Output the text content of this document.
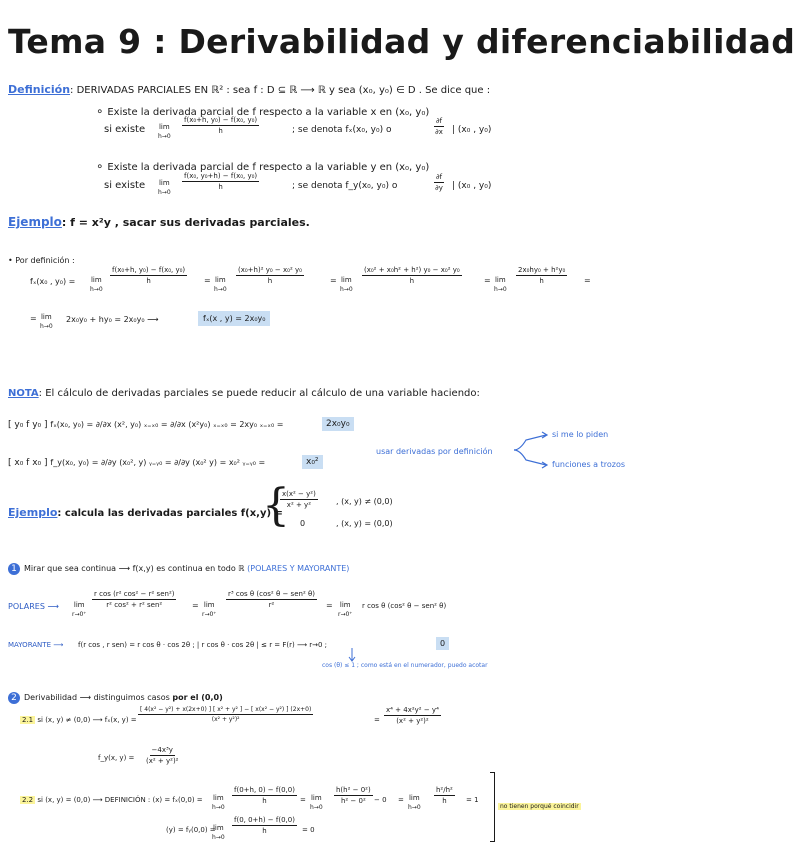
Tema 9 : Derivabilidad y diferenciabilidad
Definición: DERIVADAS PARCIALES EN ℝ² : sea f : D ⊆ ℝ ⟶ ℝ y sea (x₀, y₀) ∈ D . Se dice que :
∘ Existe la derivada parcial de f respecto a la variable x en (x₀, y₀)
si existe lim
h→0
$\frac{\text{f(x₀+h, y₀) − f(x₀, y₀)}}{h}$	; se denota fₓ(x₀, y₀) o	$\frac{\partial f}{\partial x}$ | (x₀ , y₀)
∘ Existe la derivada parcial de f respecto a la variable y en (x₀, y₀)
si existe lim
h→0
$\frac{\text{f(x₀, y₀+h) − f(x₀, y₀)}}{h}$	; se denota f_y(x₀, y₀) o	$\frac{\partial f}{\partial y}$ | (x₀ , y₀)
Ejemplo: f = x²y , sacar sus derivadas parciales.
• Por definición :
fₓ(x₀ , y₀) = lim
h→0
$\frac{\text{f(x₀+h, y₀) − f(x₀, y₀)}}{h} = \lim$
h→0
$\frac{\text{(x₀+h)² y₀ − x₀² y₀}}{h}$	= lim
h→0
$\frac{\text{(x₀² + x₀h² + h²) y₀ − x₀² y₀}}{h}$	= lim
h→0
$\frac{\text{2x₀hy₀ + h²y₀}}{h}$ =
= lim
h→0
2x₀y₀ + hy₀ = 2x₀y₀ ⟶	fₓ(x , y) = 2x₀y₀
NOTA: El cálculo de derivadas parciales se puede reducir al cálculo de una variable haciendo:
[ y₀ f y₀ ] fₓ(x₀, y₀) = ∂/∂x (x², y₀) ₓ₌ₓ₀ = ∂/∂x (x²y₀) ₓ₌ₓ₀ = 2xy₀ ₓ₌ₓ₀ =	2x₀y₀
[ x₀ f x₀ ] f_y(x₀, y₀) = ∂/∂y (x₀², y) ᵧ₌ᵧ₀ = ∂/∂y (x₀² y) = x₀² ᵧ₌ᵧ₀ =	x₀²
usar derivadas por definición
si me lo piden
funciones a trozos
Ejemplo: calcula las derivadas parciales f(x,y) =
{
$\frac{\text{x(x² − y²)}}{\text{x² + y²}}$ , (x, y) ≠ (0,0)
0	, (x, y) = (0,0)
1 Mirar que sea continua ⟶ f(x,y) es continua en todo ℝ (POLARES Y MAYORANTE)
POLARES ⟶ lim
r→0⁺
r cos (r² cos² − r² sen²)
r² cos² + r² sen²	= lim
r→0⁺
r³ cos θ (cos² θ − sen² θ)
r²	= lim
r→0⁺
r cos θ (cos² θ − sen² θ)
MAYORANTE ⟶ f(r cos , r sen) = r cos θ · cos 2θ ; | r cos θ · cos 2θ | ≤ r = F(r) ⟶ r→0 ;	0
cos (θ) ≤ 1 ; como está en el numerador, puedo acotar
2 Derivabilidad ⟶ distinguimos casos por el (0,0)
2.1 si (x, y) ≠ (0,0) ⟶ fₓ(x, $y) = \frac{\text{[ 4(x² − y²) + x(2x+0) ] [ x² + y² ] − [ x(x² − y²) ] (2x+0)}}{\text{(x² + y²)²}}$	= $\frac{\text{x⁴ + 4x²y² − y⁴}}{\text{(x² + y²)²}}$
f_y(x, $y) = \frac{\text{−4x³y}}{\text{(x² + y²)²}}$
2.2 si (x, y) = (0,0) ⟶ DEFINICIÓN : (x) = fₓ(0,0) = lim
h→0
$\frac{f(0+h, 0) - f(0,0)}{h} = \lim$
h→0
$\frac{\text{h(h² − 0²)}}{\text{h² − 0²}} - 0 = \lim$
h→0
$\frac{\text{h²/h²}}{h} = 1$
(y) = fᵧ(0,0) =
lim
h→0
$\frac{f(0, 0+h) - f(0,0)}{h} = 0$
no tienen porqué coincidir
